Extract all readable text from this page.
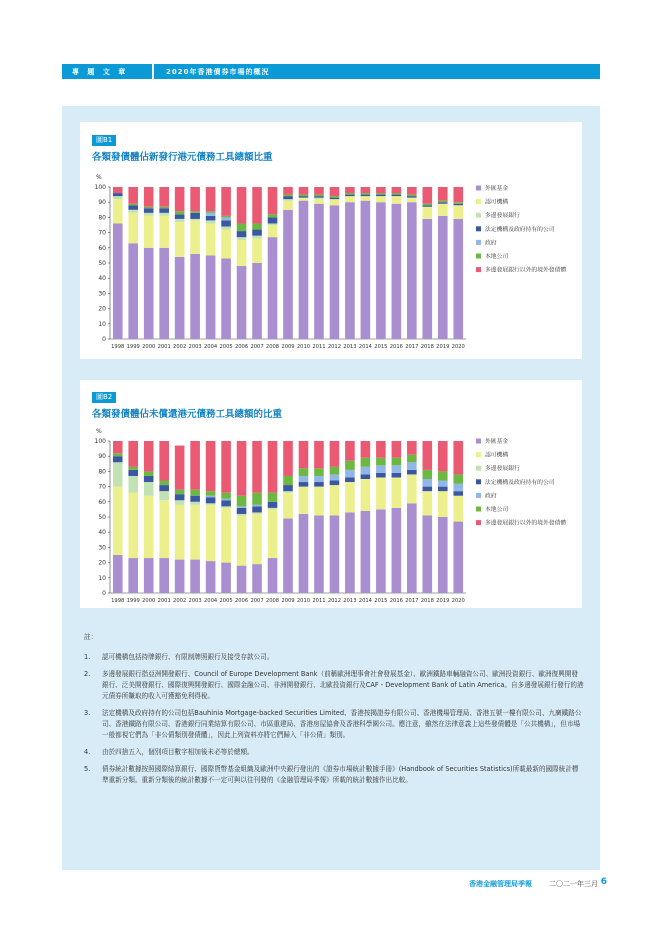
專 題 文 章	2020年香港債券市場的概況
圖B1
各類發債體佔新發行港元債務工具總額比重
%
0
10
20
30
40
50
60
70
80
90
100
1998 1999 2000 2001 2002 2003 2004 2005 2006 2007 2008 2009 2010 2011 2012 2013 2014 2015 2016 2017 2018 2019 2020
外匯基金
認可機構
多邊發展銀行
法定機構及政府持有的公司
政府
本地公司
多邊發展銀行以外的境外發債體
圖B2
各類發債體佔未償還港元債務工具總額的比重
%
0
10
20
30
40
50
60
70
80
90
100
1998 1999 2000 2001 2002 2003 2004 2005 2006 2007 2008 2009 2010 2011 2012 2013 2014 2015 2016 2017 2018 2019 2020
外匯基金
認可機構
多邊發展銀行
法定機構及政府持有的公司
政府
本地公司
多邊發展銀行以外的境外發債體
註：
1.	認可機構包括持牌銀行、有限制牌照銀行及接受存款公司。
2.	多邊發展銀行指亞洲開發銀行、Council of Europe Development Bank（前稱歐洲理事會社會發展基金）、歐洲鐵路車輛融資公司、歐洲投資銀行、歐洲復興開發銀行、泛美開發銀行、國際復興開發銀行、國際金融公司、非洲開發銀行、北歐投資銀行及CAF - Development Bank of Latin America。自多邊發展銀行發行的港元債券所賺取的收入可獲豁免利得稅。
3.	法定機構及政府持有的公司包括Bauhinia Mortgage-backed Securities Limited、香港按揭證券有限公司、香港機場管理局、香港五號一樓有限公司、九廣鐵路公司、香港鐵路有限公司、香港銀行同業結算有限公司、市區重建局、香港房屋協會及香港科學園公司。應注意，雖然在法律意義上這些發債體是「公共機構」，但市場一般都視它們為「非公債類別發債體」，因此上列資料亦將它們歸入「非公債」類別。
4.	由於四捨五入，個別項目數字相加後未必等於總額。
5.	債券統計數據按照國際結算銀行、國際貨幣基金組織及歐洲中央銀行發出的《證券市場統計數據手冊》(Handbook of Securities Statistics)所載最新的國際統計標準重新分類。重新分類後的統計數據不一定可與以往刊發的《金融管理局季報》所載的統計數據作出比較。
香港金融管理局季報 二〇二一年三月 6
